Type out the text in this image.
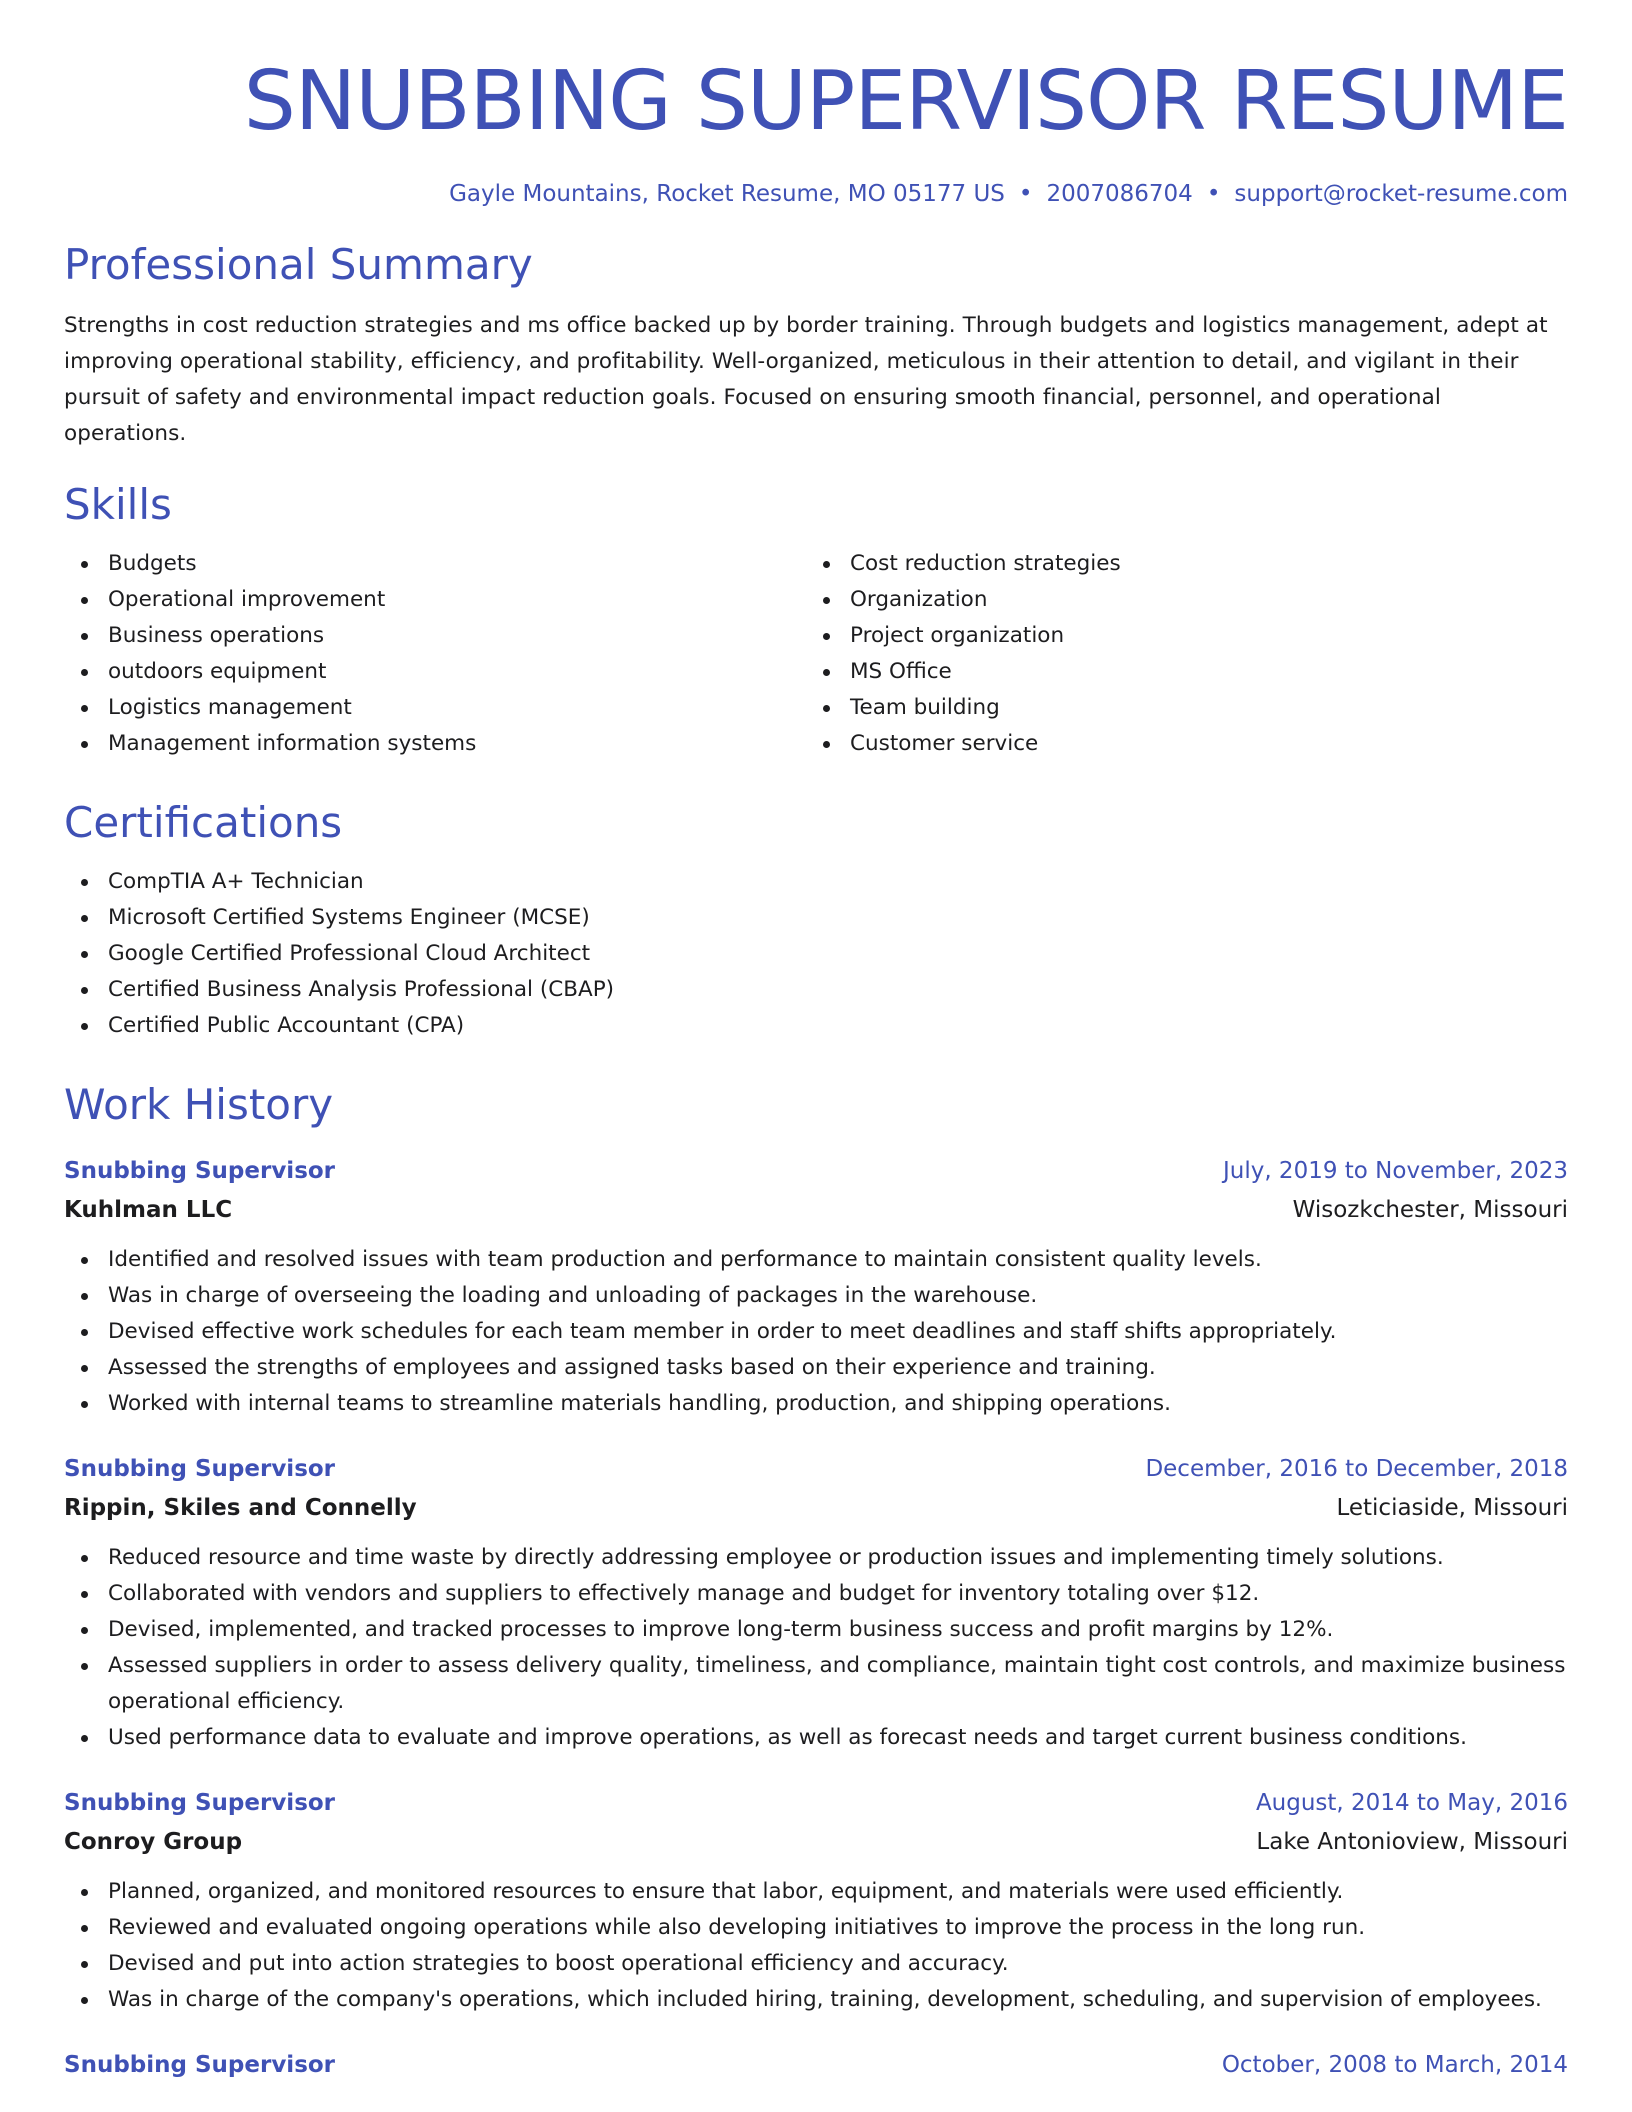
SNUBBING SUPERVISOR RESUME
Gayle Mountains, Rocket Resume, MO 05177 US • 2007086704 • support@rocket-resume.com
Professional Summary

Strengths in cost reduction strategies and ms office backed up by border training. Through budgets and logistics management, adept at improving operational stability, efficiency, and profitability. Well-organized, meticulous in their attention to detail, and vigilant in their pursuit of safety and environmental impact reduction goals. Focused on ensuring smooth financial, personnel, and operational operations.

Skills
Budgets
Operational improvement
Business operations
outdoors equipment
Logistics management
Management information systems
Cost reduction strategies
Organization
Project organization
MS Office
Team building
Customer service
Certifications
CompTIA A+ Technician
Microsoft Certified Systems Engineer (MCSE)
Google Certified Professional Cloud Architect
Certified Business Analysis Professional (CBAP)
Certified Public Accountant (CPA)
Work History
Snubbing Supervisor	July, 2019 to November, 2023
Kuhlman LLC	Wisozkchester, Missouri
Identified and resolved issues with team production and performance to maintain consistent quality levels.
Was in charge of overseeing the loading and unloading of packages in the warehouse.
Devised effective work schedules for each team member in order to meet deadlines and staff shifts appropriately.
Assessed the strengths of employees and assigned tasks based on their experience and training.
Worked with internal teams to streamline materials handling, production, and shipping operations.
Snubbing Supervisor	December, 2016 to December, 2018
Rippin, Skiles and Connelly	Leticiaside, Missouri
Reduced resource and time waste by directly addressing employee or production issues and implementing timely solutions.
Collaborated with vendors and suppliers to effectively manage and budget for inventory totaling over $12.
Devised, implemented, and tracked processes to improve long-term business success and profit margins by 12%.
Assessed suppliers in order to assess delivery quality, timeliness, and compliance, maintain tight cost controls, and maximize business operational efficiency.
Used performance data to evaluate and improve operations, as well as forecast needs and target current business conditions.
Snubbing Supervisor	August, 2014 to May, 2016
Conroy Group	Lake Antonioview, Missouri
Planned, organized, and monitored resources to ensure that labor, equipment, and materials were used efficiently.
Reviewed and evaluated ongoing operations while also developing initiatives to improve the process in the long run.
Devised and put into action strategies to boost operational efficiency and accuracy.
Was in charge of the company's operations, which included hiring, training, development, scheduling, and supervision of employees.
Snubbing Supervisor	October, 2008 to March, 2014
